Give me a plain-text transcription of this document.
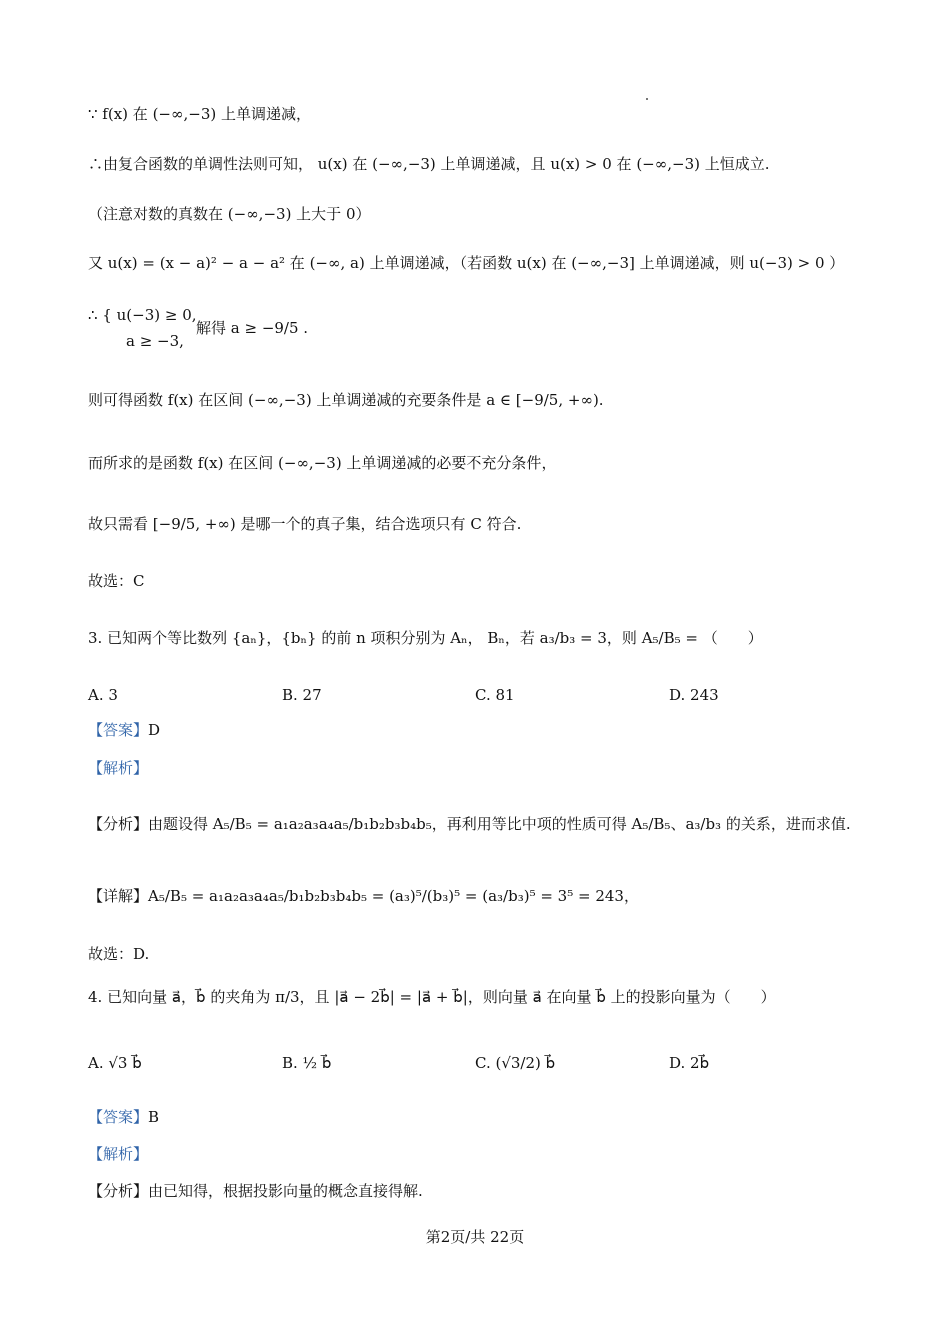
∵ f(x) 在 (−∞,−3) 上单调递减，
∴由复合函数的单调性法则可知， u(x) 在 (−∞,−3) 上单调递减，且 u(x) > 0 在 (−∞,−3) 上恒成立.
（注意对数的真数在 (−∞,−3) 上大于 0）
又 u(x) = (x − a)² − a − a² 在 (−∞, a) 上单调递减，（若函数 u(x) 在 (−∞,−3] 上单调递减，则 u(−3) > 0 ）
∴ { u(−3) ≥ 0,
a ≥ −3,
解得 a ≥ −9/5 .
则可得函数 f(x) 在区间 (−∞,−3) 上单调递减的充要条件是 a ∈ [−9/5, +∞).
而所求的是函数 f(x) 在区间 (−∞,−3) 上单调递减的必要不充分条件，
故只需看 [−9/5, +∞) 是哪一个的真子集，结合选项只有 C 符合.
故选：C
3. 已知两个等比数列 {aₙ}，{bₙ} 的前 n 项积分别为 Aₙ， Bₙ，若 a₃/b₃ = 3，则 A₅/B₅ = （　　）
A. 3	B. 27	C. 81	D. 243
【答案】D
【解析】
【分析】由题设得 A₅/B₅ = a₁a₂a₃a₄a₅/b₁b₂b₃b₄b₅，再利用等比中项的性质可得 A₅/B₅、a₃/b₃ 的关系，进而求值.
【详解】A₅/B₅ = a₁a₂a₃a₄a₅/b₁b₂b₃b₄b₅ = (a₃)⁵/(b₃)⁵ = (a₃/b₃)⁵ = 3⁵ = 243，
故选：D.
4. 已知向量 a⃗，b⃗ 的夹角为 π/3，且 |a⃗ − 2b⃗| = |a⃗ + b⃗|，则向量 a⃗ 在向量 b⃗ 上的投影向量为（　　）
A. √3 b⃗	B. ½ b⃗	C. (√3/2) b⃗	D. 2b⃗
【答案】B
【解析】
【分析】由已知得，根据投影向量的概念直接得解.
第2页/共 22页
